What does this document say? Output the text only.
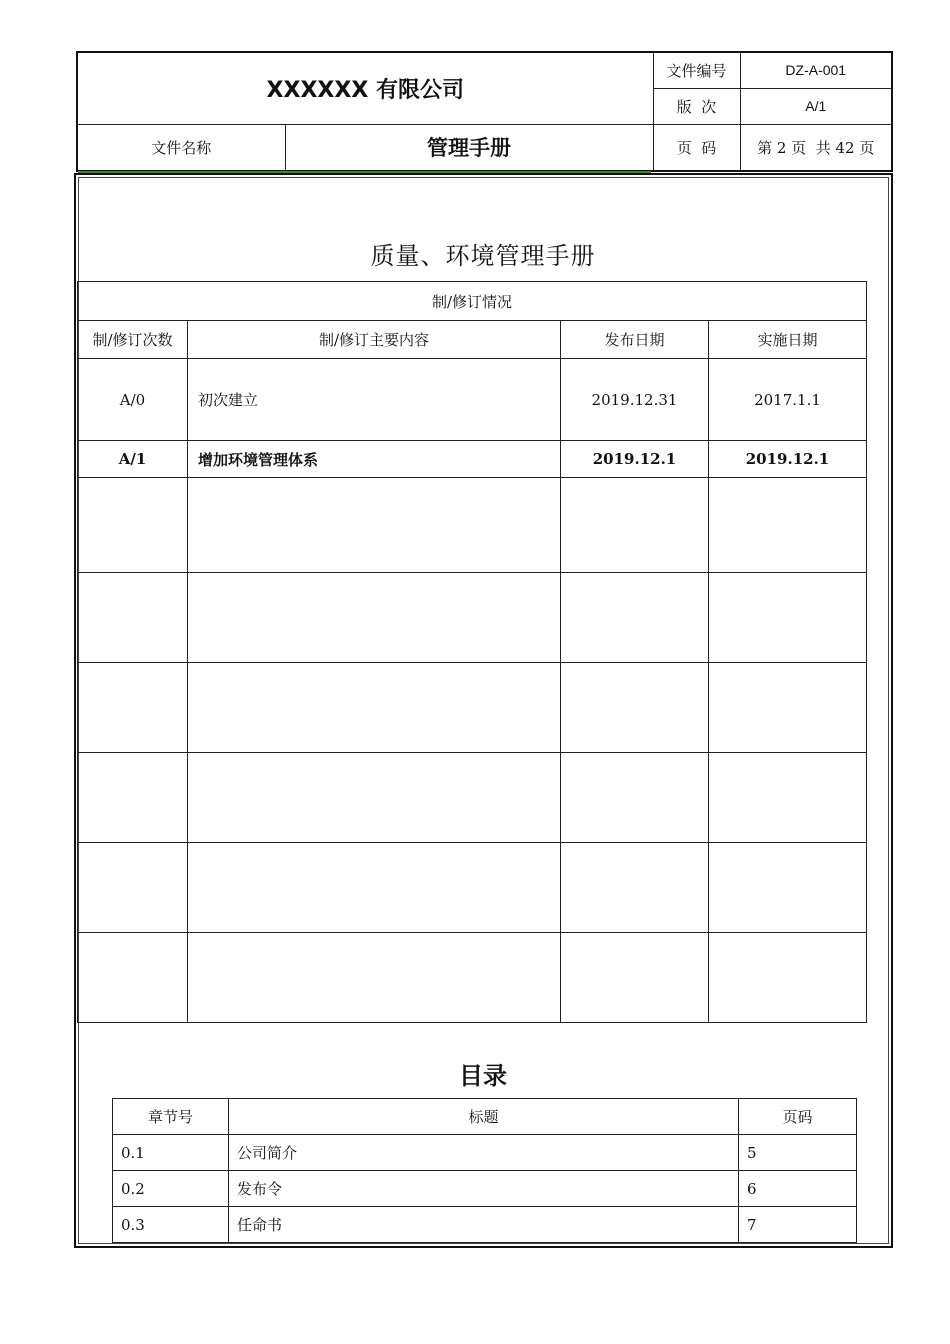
XXXXXX 有限公司		文件编号	DZ-A-001
		版  次	A/1
文件名称	管理手册	页  码	第 2 页  共 42 页
质量、环境管理手册
制/修订情况			
制/修订次数	制/修订主要内容	发布日期	实施日期
A/0	初次建立	2019.12.31	2017.1.1
A/1	增加环境管理体系	2019.12.1	2019.12.1

目录
章节号	标题	页码
0.1	公司简介	5
0.2	发布令	6
0.3	任命书	7
